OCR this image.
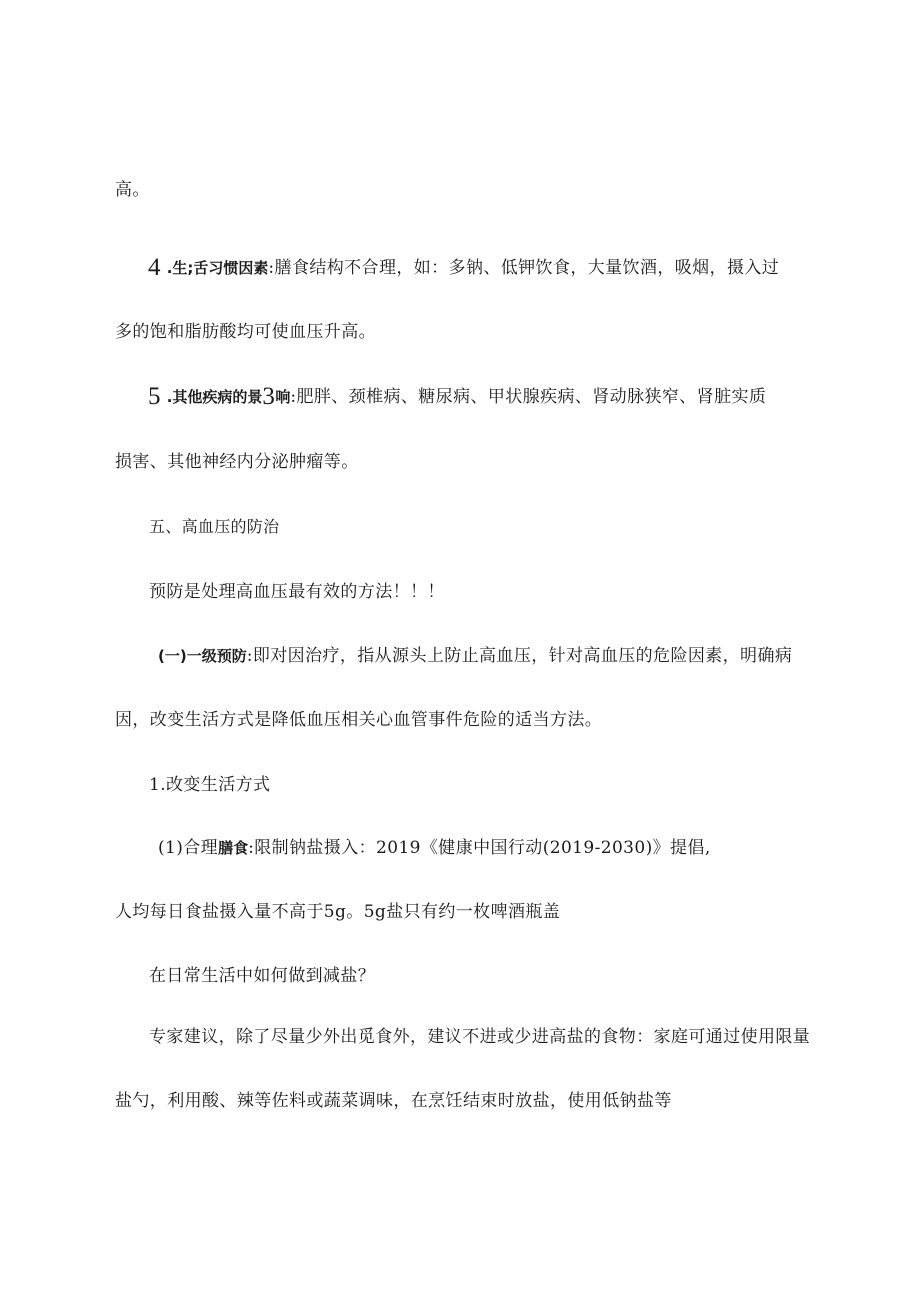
高。
4 .生;舌习惯因素:膳食结构不合理，如：多钠、低钾饮食，大量饮酒，吸烟，摄入过
多的饱和脂肪酸均可使血压升高。
5 .其他疾病的景3响:肥胖、颈椎病、糖尿病、甲状腺疾病、肾动脉狭窄、肾脏实质
损害、其他神经内分泌肿瘤等。
五、高血压的防治
预防是处理高血压最有效的方法！！！
(一)一级预防:即对因治疗，指从源头上防止高血压，针对高血压的危险因素，明确病
因，改变生活方式是降低血压相关心血管事件危险的适当方法。
1.改变生活方式
(1)合理膳食:限制钠盐摄入：2019《健康中国行动(2019-2030)》提倡,
人均每日食盐摄入量不高于5g。5g盐只有约一枚啤酒瓶盖
在日常生活中如何做到减盐？
专家建议，除了尽量少外出觅食外，建议不进或少进高盐的食物：家庭可通过使用限量
盐勺，利用酸、辣等佐料或蔬菜调味，在烹饪结束时放盐，使用低钠盐等
